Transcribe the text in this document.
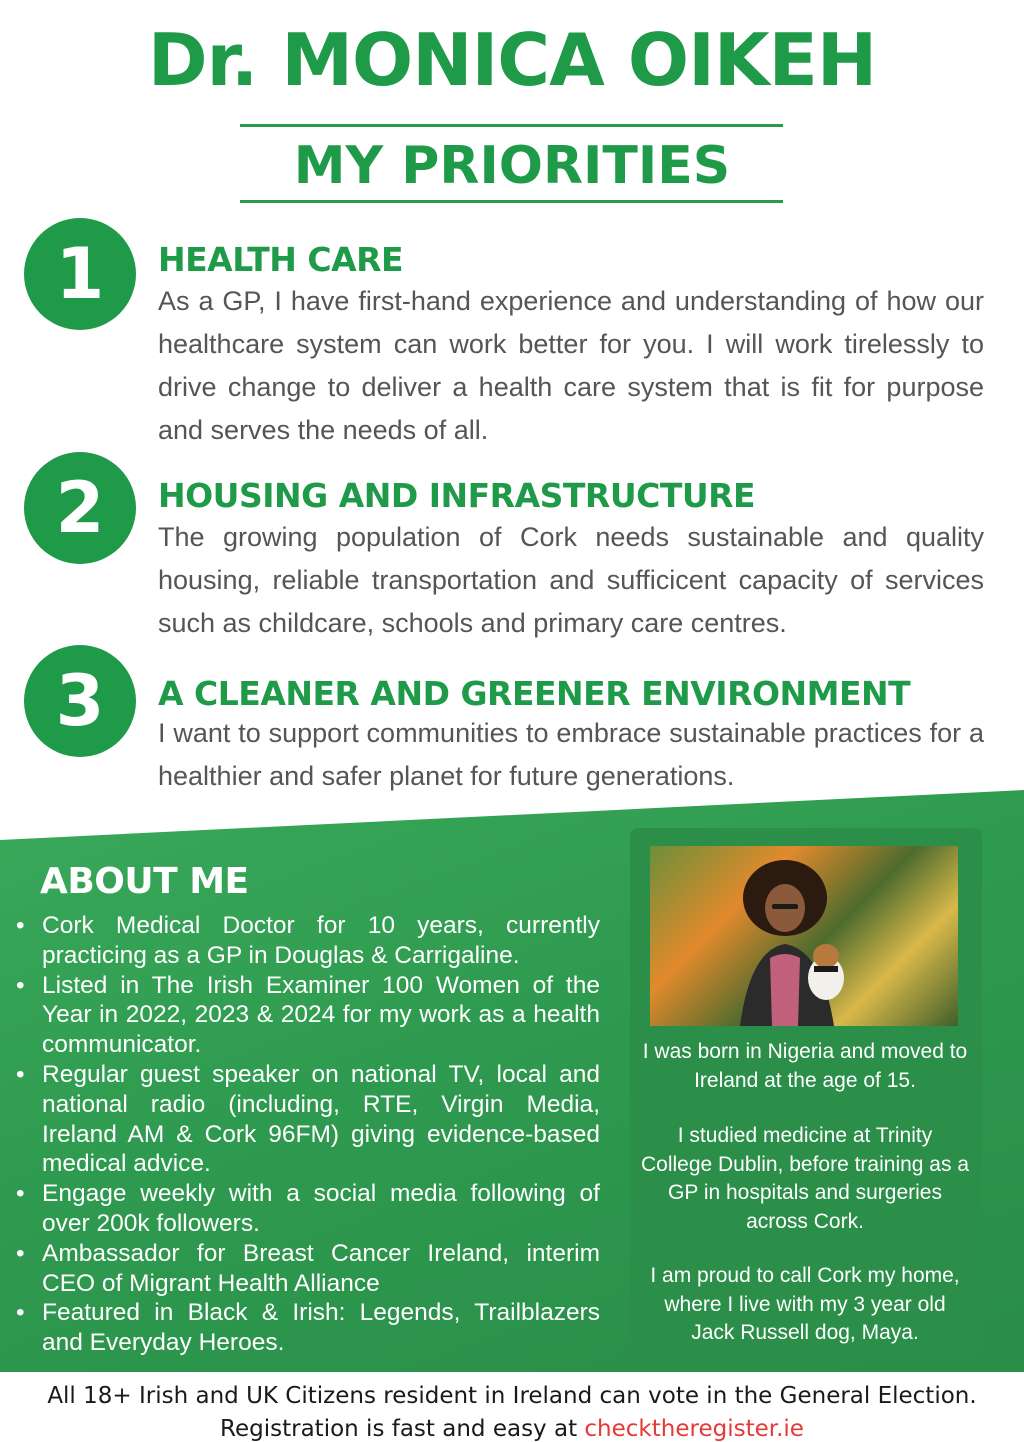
Dr. MONICA OIKEH
MY PRIORITIES
1	HEALTH CARE

As a GP, I have first-hand experience and understanding of how our healthcare system can work better for you. I will work tirelessly to drive change to deliver a health care system that is fit for purpose and serves the needs of all.

2	HOUSING AND INFRASTRUCTURE

The growing population of Cork needs sustainable and quality housing, reliable transportation and sufficicent capacity of services such as childcare, schools and primary care centres.

3	A CLEANER AND GREENER ENVIRONMENT

I want to support communities to embrace sustainable practices for a healthier and safer planet for future generations.

ABOUT ME
• Cork Medical Doctor for 10 years, currently practicing as a GP in Douglas & Carrigaline.
• Listed in The Irish Examiner 100 Women of the Year in 2022, 2023 & 2024 for my work as a health communicator.
• Regular guest speaker on national TV, local and national radio (including, RTE, Virgin Media, Ireland AM & Cork 96FM) giving evidence-based medical advice.
• Engage weekly with a social media following of over 200k followers.
• Ambassador for Breast Cancer Ireland, interim CEO of Migrant Health Alliance
• Featured in Black & Irish: Legends, Trailblazers and Everyday Heroes.

I was born in Nigeria and moved to Ireland at the age of 15.

I studied medicine at Trinity College Dublin, before training as a GP in hospitals and surgeries across Cork.

I am proud to call Cork my home, where I live with my 3 year old Jack Russell dog, Maya.

All 18+ Irish and UK Citizens resident in Ireland can vote in the General Election.

Registration is fast and easy at checktheregister.ie
